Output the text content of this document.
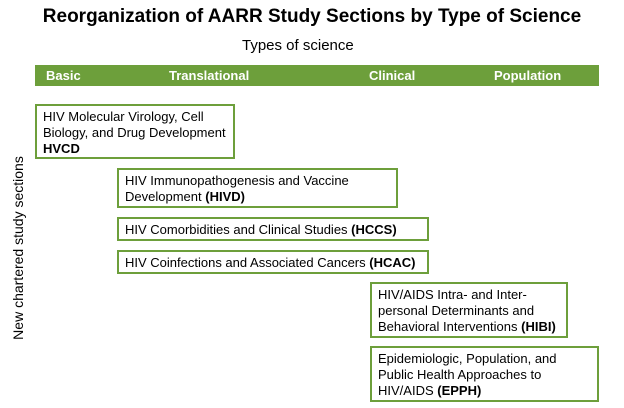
Reorganization of AARR Study Sections by Type of Science
Types of science
Basic	Translational	Clinical	Population
New chartered study sections
HIV Molecular Virology, Cell
Biology, and Drug Development
HVCD
HIV Immunopathogenesis and Vaccine
Development (HIVD)
HIV Comorbidities and Clinical Studies (HCCS)
HIV Coinfections and Associated Cancers (HCAC)
HIV/AIDS Intra- and Inter-
personal Determinants and
Behavioral Interventions (HIBI)
Epidemiologic, Population, and
Public Health Approaches to
HIV/AIDS (EPPH)
